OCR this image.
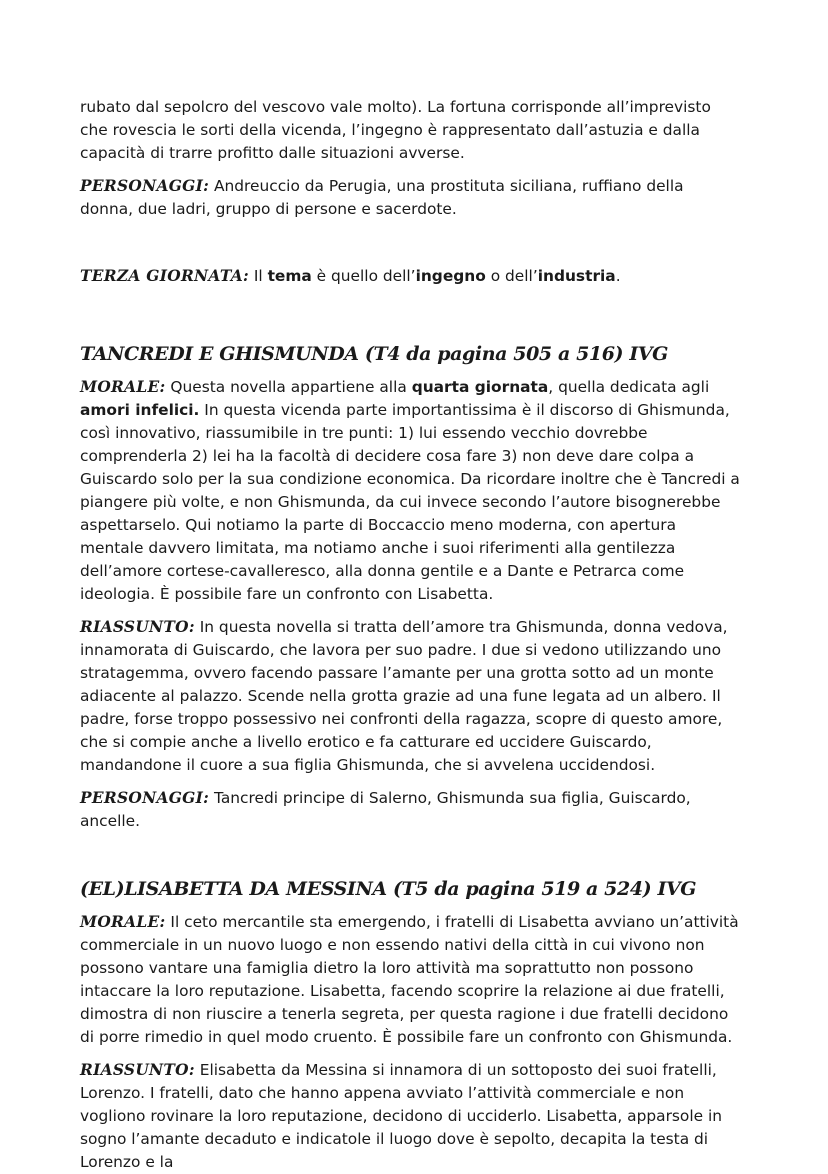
rubato dal sepolcro del vescovo vale molto). La fortuna corrisponde all’imprevisto che rovescia le sorti della vicenda, l’ingegno è rappresentato dall’astuzia e dalla capacità di trarre profitto dalle situazioni avverse.

PERSONAGGI: Andreuccio da Perugia, una prostituta siciliana, ruffiano della donna, due ladri, gruppo di persone e sacerdote.

TERZA GIORNATA: Il tema è quello dell’ingegno o dell’industria.

TANCREDI E GHISMUNDA (T4 da pagina 505 a 516) IVG

MORALE: Questa novella appartiene alla quarta giornata, quella dedicata agli amori infelici. In questa vicenda parte importantissima è il discorso di Ghismunda, così innovativo, riassumibile in tre punti: 1) lui essendo vecchio dovrebbe comprenderla 2) lei ha la facoltà di decidere cosa fare 3) non deve dare colpa a Guiscardo solo per la sua condizione economica. Da ricordare inoltre che è Tancredi a piangere più volte, e non Ghismunda, da cui invece secondo l’autore bisognerebbe aspettarselo. Qui notiamo la parte di Boccaccio meno moderna, con apertura mentale davvero limitata, ma notiamo anche i suoi riferimenti alla gentilezza dell’amore cortese-cavalleresco, alla donna gentile e a Dante e Petrarca come ideologia. È possibile fare un confronto con Lisabetta.

RIASSUNTO: In questa novella si tratta dell’amore tra Ghismunda, donna vedova, innamorata di Guiscardo, che lavora per suo padre. I due si vedono utilizzando uno stratagemma, ovvero facendo passare l’amante per una grotta sotto ad un monte adiacente al palazzo. Scende nella grotta grazie ad una fune legata ad un albero. Il padre, forse troppo possessivo nei confronti della ragazza, scopre di questo amore, che si compie anche a livello erotico e fa catturare ed uccidere Guiscardo, mandandone il cuore a sua figlia Ghismunda, che si avvelena uccidendosi.

PERSONAGGI: Tancredi principe di Salerno, Ghismunda sua figlia, Guiscardo, ancelle.

(EL)LISABETTA DA MESSINA (T5 da pagina 519 a 524) IVG

MORALE: Il ceto mercantile sta emergendo, i fratelli di Lisabetta avviano un’attività commerciale in un nuovo luogo e non essendo nativi della città in cui vivono non possono vantare una famiglia dietro la loro attività ma soprattutto non possono intaccare la loro reputazione. Lisabetta, facendo scoprire la relazione ai due fratelli, dimostra di non riuscire a tenerla segreta, per questa ragione i due fratelli decidono di porre rimedio in quel modo cruento. È possibile fare un confronto con Ghismunda.

RIASSUNTO: Elisabetta da Messina si innamora di un sottoposto dei suoi fratelli, Lorenzo. I fratelli, dato che hanno appena avviato l’attività commerciale e non vogliono rovinare la loro reputazione, decidono di ucciderlo. Lisabetta, apparsole in sogno l’amante decaduto e indicatole il luogo dove è sepolto, decapita la testa di Lorenzo e la
